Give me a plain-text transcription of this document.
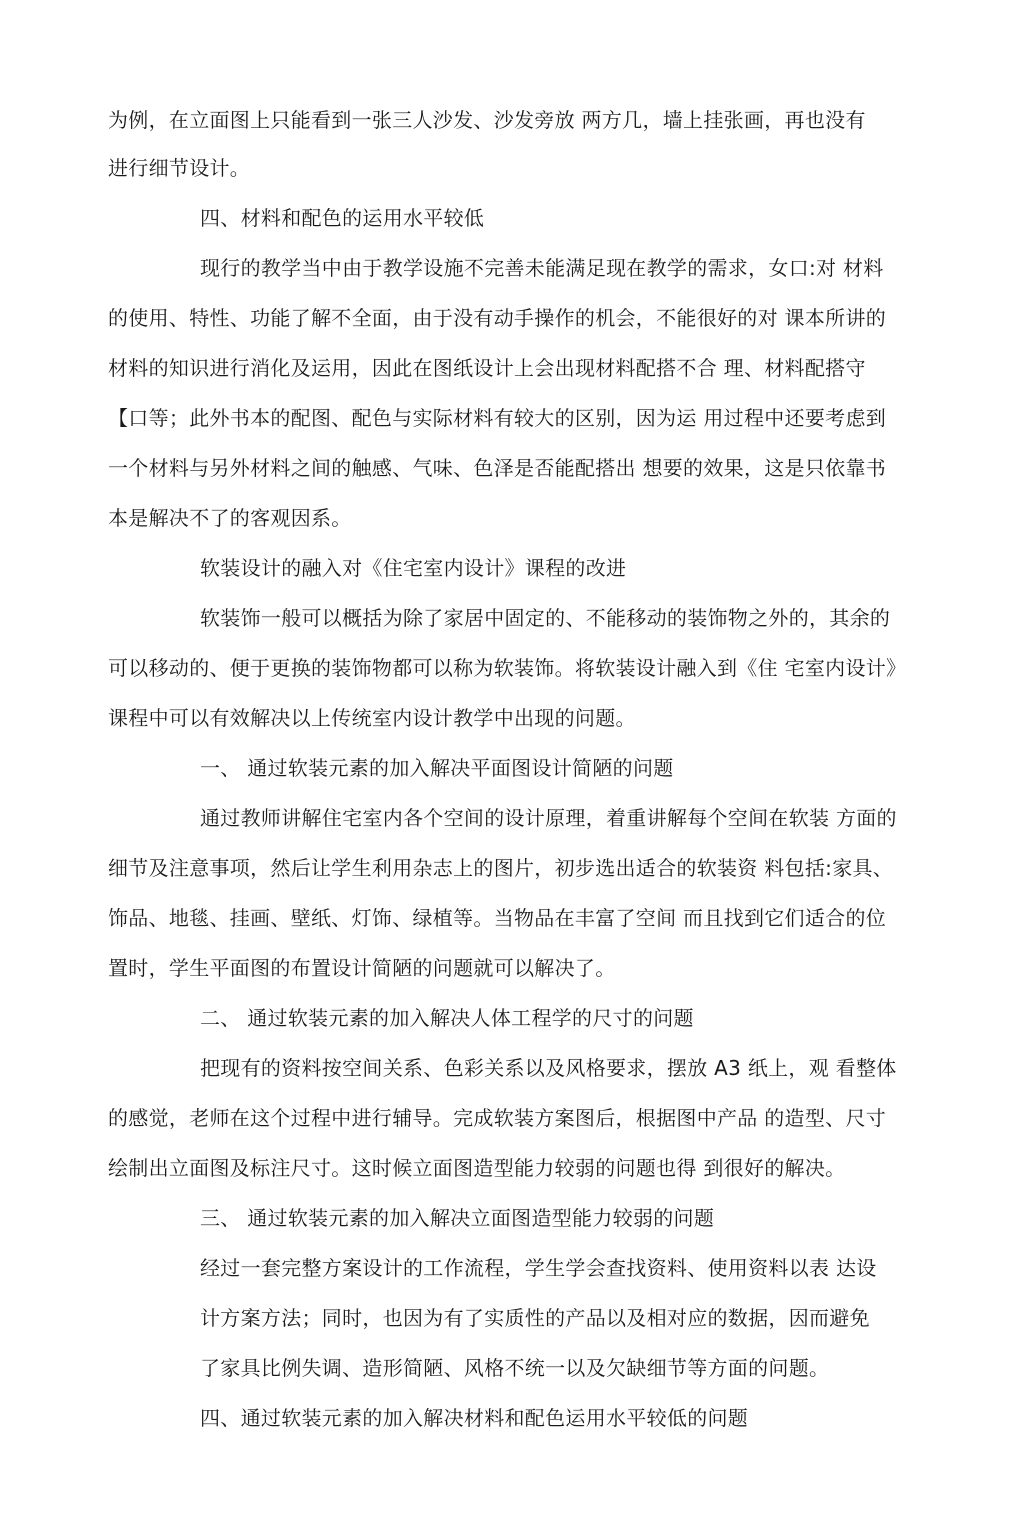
为例，在立面图上只能看到一张三人沙发、沙发旁放 两方几，墙上挂张画，再也没有
进行细节设计。
四、材料和配色的运用水平较低
现行的教学当中由于教学设施不完善未能满足现在教学的需求，女口:对 材料
的使用、特性、功能了解不全面，由于没有动手操作的机会，不能很好的对 课本所讲的
材料的知识进行消化及运用，因此在图纸设计上会出现材料配搭不合 理、材料配搭守
【口等；此外书本的配图、配色与实际材料有较大的区别，因为运 用过程中还要考虑到
一个材料与另外材料之间的触感、气味、色泽是否能配搭出 想要的效果，这是只依靠书
本是解决不了的客观因系。
软装设计的融入对《住宅室内设计》课程的改进
软装饰一般可以概括为除了家居中固定的、不能移动的装饰物之外的，其余的
可以移动的、便于更换的装饰物都可以称为软装饰。将软装设计融入到《住 宅室内设计》
课程中可以有效解决以上传统室内设计教学中出现的问题。
一、 通过软装元素的加入解决平面图设计简陋的问题
通过教师讲解住宅室内各个空间的设计原理，着重讲解每个空间在软装 方面的
细节及注意事项，然后让学生利用杂志上的图片，初步选出适合的软装资 料包括:家具、
饰品、地毯、挂画、壁纸、灯饰、绿植等。当物品在丰富了空间 而且找到它们适合的位
置时，学生平面图的布置设计简陋的问题就可以解决了。
二、 通过软装元素的加入解决人体工程学的尺寸的问题
把现有的资料按空间关系、色彩关系以及风格要求，摆放 A3 纸上，观 看整体
的感觉，老师在这个过程中进行辅导。完成软装方案图后，根据图中产品 的造型、尺寸
绘制出立面图及标注尺寸。这时候立面图造型能力较弱的问题也得 到很好的解决。
三、 通过软装元素的加入解决立面图造型能力较弱的问题
经过一套完整方案设计的工作流程，学生学会查找资料、使用资料以表 达设
计方案方法；同时，也因为有了实质性的产品以及相对应的数据，因而避免
了家具比例失调、造形简陋、风格不统一以及欠缺细节等方面的问题。
四、通过软装元素的加入解决材料和配色运用水平较低的问题
